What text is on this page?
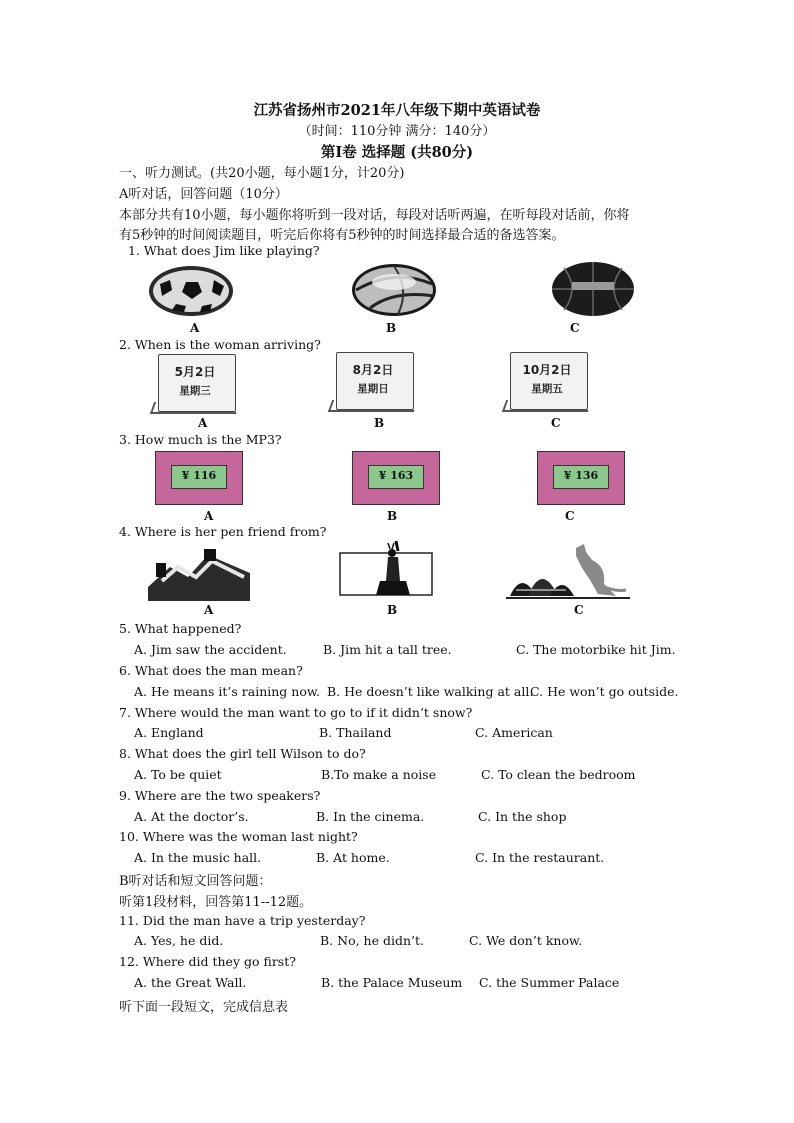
江苏省扬州市2021年八年级下期中英语试卷
（时间：110分钟 满分：140分）
第Ⅰ卷 选择题 (共80分)
一、听力测试。(共20小题，每小题1分，计20分)
A听对话，回答问题（10分）
本部分共有10小题，每小题你将听到一段对话，每段对话听两遍，在听每段对话前，你将
有5秒钟的时间阅读题目，听完后你将有5秒钟的时间选择最合适的备选答案。
1. What does Jim like playing?
A	B	C
2. When is the woman arriving?
5月2日
星期三
8月2日
星期日
10月2日
星期五
A	B	C
3. How much is the MP3?
¥ 116	¥ 163	¥ 136
A	B	C
4. Where is her pen friend from?
A	B	C
5. What happened?
A. Jim saw the accident.	B. Jim hit a tall tree.	C. The motorbike hit Jim.
6. What does the man mean?
A. He means it’s raining now. B. He doesn’t like walking at all.
C. He won’t go outside.
7. Where would the man want to go to if it didn’t snow?
A. England	B. Thailand	C. American
8. What does the girl tell Wilson to do?
A. To be quiet	B.To make a noise	C. To clean the bedroom
9. Where are the two speakers?
A. At the doctor’s.	B. In the cinema.	C. In the shop
10. Where was the woman last night?
A. In the music hall.	B. At home.	C. In the restaurant.
B听对话和短文回答问题：
听第1段材料，回答第11--12题。
11. Did the man have a trip yesterday?
A. Yes, he did.	B. No, he didn’t.	C. We don’t know.
12. Where did they go first?
A. the Great Wall.	B. the Palace Museum C. the Summer Palace
听下面一段短文，完成信息表
